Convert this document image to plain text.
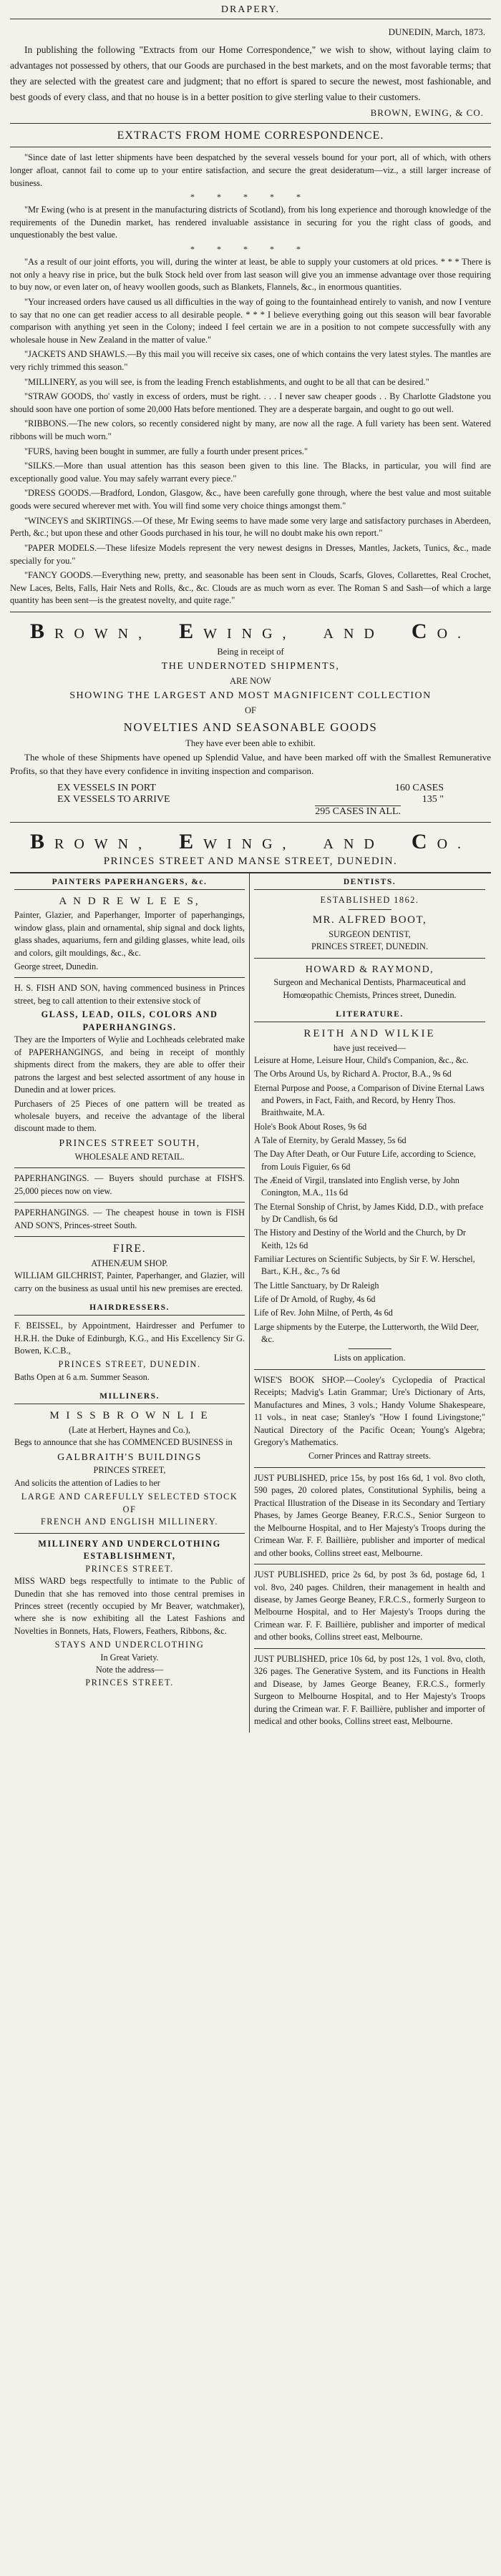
DRAPERY.
DUNEDIN, March, 1873.

In publishing the following "Extracts from our Home Correspondence," we wish to show, without laying claim to advantages not possessed by others, that our Goods are purchased in the best markets, and on the most favorable terms; that they are selected with the greatest care and judgment; that no effort is spared to secure the newest, most fashionable, and best goods of every class, and that no house is in a better position to give sterling value to their customers.

BROWN, EWING, & CO.
EXTRACTS FROM HOME CORRESPONDENCE.

"Since date of last letter shipments have been despatched by the several vessels bound for your port, all of which, with others longer afloat, cannot fail to come up to your entire satisfaction, and secure the great desideratum—viz., a still larger increase of business.

* * * * *

"Mr Ewing (who is at present in the manufacturing districts of Scotland), from his long experience and thorough knowledge of the requirements of the Dunedin market, has rendered invaluable assistance in securing for you the right class of goods, and unquestionably the best value.

* * * * *

"As a result of our joint efforts, you will, during the winter at least, be able to supply your customers at old prices. * * * There is not only a heavy rise in price, but the bulk Stock held over from last season will give you an immense advantage over those requiring to buy now, or even later on, of heavy woollen goods, such as Blankets, Flannels, &c., in enormous quantities.

"Your increased orders have caused us all difficulties in the way of going to the fountainhead entirely to vanish, and now I venture to say that no one can get readier access to all desirable people. * * * I believe everything going out this season will bear favorable comparison with anything yet seen in the Colony; indeed I feel certain we are in a position to not compete successfully with any wholesale house in New Zealand in the matter of value."

"JACKETS AND SHAWLS.—By this mail you will receive six cases, one of which contains the very latest styles. The mantles are very richly trimmed this season."

"MILLINERY, as you will see, is from the leading French establishments, and ought to be all that can be desired."

"STRAW GOODS, tho' vastly in excess of orders, must be right. . . . I never saw cheaper goods . . By Charlotte Gladstone you should soon have one portion of some 20,000 Hats before mentioned. They are a desperate bargain, and ought to go out well.

"RIBBONS.—The new colors, so recently considered night by many, are now all the rage. A full variety has been sent. Watered ribbons will be much worn."

"FURS, having been bought in summer, are fully a fourth under present prices."

"SILKS.—More than usual attention has this season been given to this line. The Blacks, in particular, you will find are exceptionally good value. You may safely warrant every piece."

"DRESS GOODS.—Bradford, London, Glasgow, &c., have been carefully gone through, where the best value and most suitable goods were secured wherever met with. You will find some very choice things amongst them."

"WINCEYS and SKIRTINGS.—Of these, Mr Ewing seems to have made some very large and satisfactory purchases in Aberdeen, Perth, &c.; but upon these and other Goods purchased in his tour, he will no doubt make his own report."

"PAPER MODELS.—These lifesize Models represent the very newest designs in Dresses, Mantles, Jackets, Tunics, &c., made specially for you."

"FANCY GOODS.—Everything new, pretty, and seasonable has been sent in Clouds, Scarfs, Gloves, Collarettes, Real Crochet, New Laces, Belts, Falls, Hair Nets and Rolls, &c., &c. Clouds are as much worn as ever. The Roman S and Sash—of which a large quantity has been sent—is the greatest novelty, and quite rage."

BROWN, EWING, AND CO.

Being in receipt of

THE UNDERNOTED SHIPMENTS,

ARE NOW

SHOWING THE LARGEST AND MOST MAGNIFICENT COLLECTION

OF

NOVELTIES AND SEASONABLE GOODS

They have ever been able to exhibit.

The whole of these Shipments have opened up Splendid Value, and have been marked off with the Smallest Remunerative Profits, so that they have every confidence in inviting inspection and comparison.

EX VESSELS IN PORT	160 CASES
EX VESSELS TO ARRIVE	135 "
295 CASES IN ALL.
BROWN, EWING, AND CO.
PRINCES STREET AND MANSE STREET, DUNEDIN.
PAINTERS PAPERHANGERS, &c.
A N D R E W L E E S,

Painter, Glazier, and Paperhanger, Importer of paperhangings, window glass, plain and ornamental, ship signal and dock lights, glass shades, aquariums, fern and gilding glasses, white lead, oils and colors, gilt mouldings, &c., &c.

George street, Dunedin.

H. S. FISH AND SON, having commenced business in Princes street, beg to call attention to their extensive stock of

GLASS, LEAD, OILS, COLORS AND PAPERHANGINGS.

They are the Importers of Wylie and Lochheads celebrated make of PAPERHANGINGS, and being in receipt of monthly shipments direct from the makers, they are able to offer their patrons the largest and best selected assortment of any house in Dunedin and at lower prices.

Purchasers of 25 Pieces of one pattern will be treated as wholesale buyers, and receive the advantage of the liberal discount made to them.

PRINCES STREET SOUTH,

WHOLESALE AND RETAIL.

PAPERHANGINGS. — Buyers should purchase at FISH'S. 25,000 pieces now on view.

PAPERHANGINGS. — The cheapest house in town is FISH AND SON'S, Princes-street South.

FIRE.

ATHENÆUM SHOP.

WILLIAM GILCHRIST, Painter, Paperhanger, and Glazier, will carry on the business as usual until his new premises are erected.

HAIRDRESSERS.

F. BEISSEL, by Appointment, Hairdresser and Perfumer to H.R.H. the Duke of Edinburgh, K.G., and His Excellency Sir G. Bowen, K.C.B.,

PRINCES STREET, DUNEDIN.

Baths Open at 6 a.m. Summer Season.

MILLINERS.
M I S S B R O W N L I E

(Late at Herbert, Haynes and Co.),

Begs to announce that she has COMMENCED BUSINESS in

GALBRAITH'S BUILDINGS

PRINCES STREET,

And solicits the attention of Ladies to her

LARGE AND CAREFULLY SELECTED STOCK OF

FRENCH AND ENGLISH MILLINERY.

MILLINERY AND UNDERCLOTHING ESTABLISHMENT,

PRINCES STREET.

MISS WARD begs respectfully to intimate to the Public of Dunedin that she has removed into those central premises in Princes street (recently occupied by Mr Beaver, watchmaker), where she is now exhibiting all the Latest Fashions and Novelties in Bonnets, Hats, Flowers, Feathers, Ribbons, &c.

STAYS AND UNDERCLOTHING

In Great Variety.

Note the address—

PRINCES STREET.

DENTISTS.

ESTABLISHED 1862.

MR. ALFRED BOOT,

SURGEON DENTIST,

PRINCES STREET, DUNEDIN.

HOWARD & RAYMOND,

Surgeon and Mechanical Dentists, Pharmaceutical and Homœopathic Chemists, Princes street, Dunedin.

LITERATURE.

REITH AND WILKIE

have just received—

Leisure at Home, Leisure Hour, Child's Companion, &c., &c.

The Orbs Around Us, by Richard A. Proctor, B.A., 9s 6d

Eternal Purpose and Poose, a Comparison of Divine Eternal Laws and Powers, in Fact, Faith, and Record, by Henry Thos. Braithwaite, M.A.

Hole's Book About Roses, 9s 6d

A Tale of Eternity, by Gerald Massey, 5s 6d

The Day After Death, or Our Future Life, according to Science, from Louis Figuier, 6s 6d

The Æneid of Virgil, translated into English verse, by John Conington, M.A., 11s 6d

The Eternal Sonship of Christ, by James Kidd, D.D., with preface by Dr Candlish, 6s 6d

The History and Destiny of the World and the Church, by Dr Keith, 12s 6d

Familiar Lectures on Scientific Subjects, by Sir F. W. Herschel, Bart., K.H., &c., 7s 6d

The Little Sanctuary, by Dr Raleigh

Life of Dr Arnold, of Rugby, 4s 6d

Life of Rev. John Milne, of Perth, 4s 6d

Large shipments by the Euterpe, the Lutterworth, the Wild Deer, &c.

Lists on application.

WISE'S BOOK SHOP.—Cooley's Cyclopedia of Practical Receipts; Madvig's Latin Grammar; Ure's Dictionary of Arts, Manufactures and Mines, 3 vols.; Handy Volume Shakespeare, 11 vols., in neat case; Stanley's "How I found Livingstone;" Nautical Directory of the Pacific Ocean; Young's Algebra; Gregory's Mathematics.

Corner Princes and Rattray streets.

JUST PUBLISHED, price 15s, by post 16s 6d, 1 vol. 8vo cloth, 590 pages, 20 colored plates, Constitutional Syphilis, being a Practical Illustration of the Disease in its Secondary and Tertiary Phases, by James George Beaney, F.R.C.S., Senior Surgeon to the Melbourne Hospital, and to Her Majesty's Troops during the Crimean War. F. F. Baillière, publisher and importer of medical and other books, Collins street east, Melbourne.

JUST PUBLISHED, price 2s 6d, by post 3s 6d, postage 6d, 1 vol. 8vo, 240 pages. Children, their management in health and disease, by James George Beaney, F.R.C.S., formerly Surgeon to Melbourne Hospital, and to Her Majesty's Troops during the Crimean war. F. F. Baillière, publisher and importer of medical and other books, Collins street east, Melbourne.

JUST PUBLISHED, price 10s 6d, by post 12s, 1 vol. 8vo, cloth, 326 pages. The Generative System, and its Functions in Health and Disease, by James George Beaney, F.R.C.S., formerly Surgeon to Melbourne Hospital, and to Her Majesty's Troops during the Crimean war. F. F. Baillière, publisher and importer of medical and other books, Collins street east, Melbourne.
